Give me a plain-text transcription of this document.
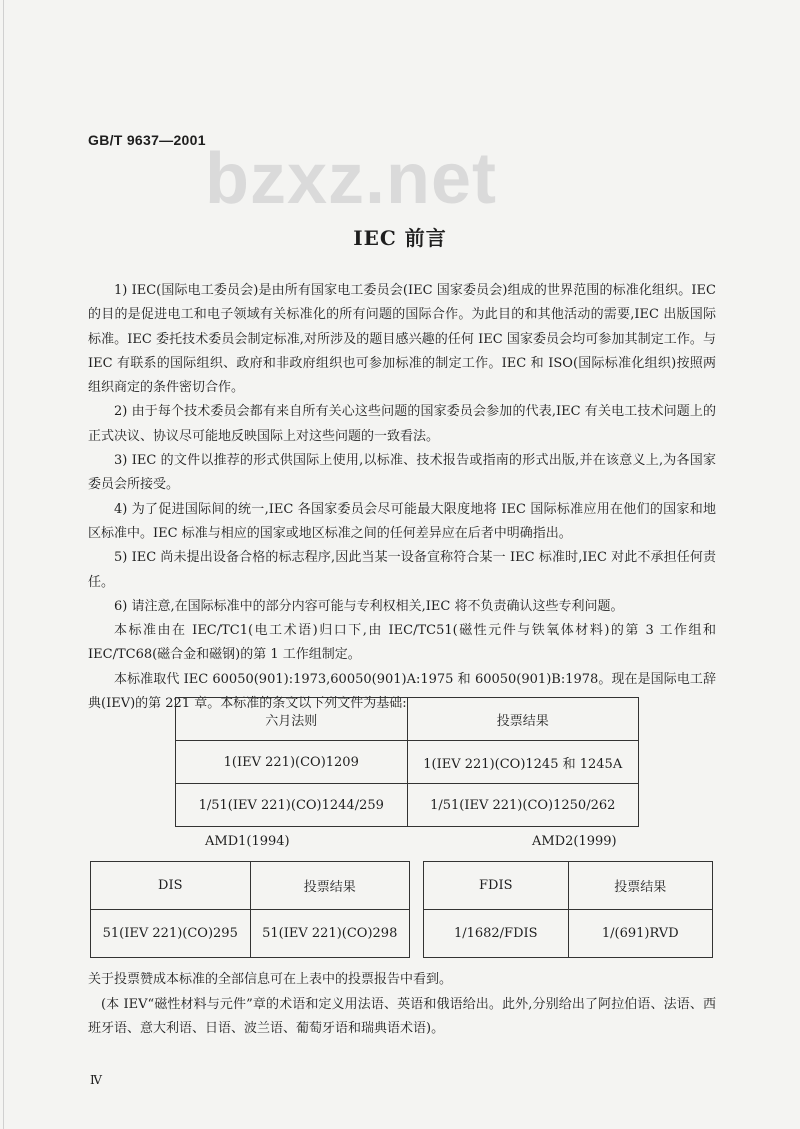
GB/T 9637—2001 bzxz.net
IEC 前言

1) IEC(国际电工委员会)是由所有国家电工委员会(IEC 国家委员会)组成的世界范围的标准化组织。IEC 的目的是促进电工和电子领域有关标准化的所有问题的国际合作。为此目的和其他活动的需要,IEC 出版国际标准。IEC 委托技术委员会制定标准,对所涉及的题目感兴趣的任何 IEC 国家委员会均可参加其制定工作。与 IEC 有联系的国际组织、政府和非政府组织也可参加标准的制定工作。IEC 和 ISO(国际标准化组织)按照两组织商定的条件密切合作。

2) 由于每个技术委员会都有来自所有关心这些问题的国家委员会参加的代表,IEC 有关电工技术问题上的正式决议、协议尽可能地反映国际上对这些问题的一致看法。

3) IEC 的文件以推荐的形式供国际上使用,以标准、技术报告或指南的形式出版,并在该意义上,为各国家委员会所接受。

4) 为了促进国际间的统一,IEC 各国家委员会尽可能最大限度地将 IEC 国际标准应用在他们的国家和地区标准中。IEC 标准与相应的国家或地区标准之间的任何差异应在后者中明确指出。

5) IEC 尚未提出设备合格的标志程序,因此当某一设备宣称符合某一 IEC 标准时,IEC 对此不承担任何责任。

6) 请注意,在国际标准中的部分内容可能与专利权相关,IEC 将不负责确认这些专利问题。

本标准由在 IEC/TC1(电工术语)归口下,由 IEC/TC51(磁性元件与铁氧体材料)的第 3 工作组和 IEC/TC68(磁合金和磁钢)的第 1 工作组制定。

本标准取代 IEC 60050(901):1973,60050(901)A:1975 和 60050(901)B:1978。现在是国际电工辞典(IEV)的第 221 章。本标准的条文以下列文件为基础:

六月法则	投票结果
1(IEV 221)(CO)1209	1(IEV 221)(CO)1245 和 1245A
1/51(IEV 221)(CO)1244/259	1/51(IEV 221)(CO)1250/262
AMD1(1994)	AMD2(1999)
DIS	投票结果
51(IEV 221)(CO)295	51(IEV 221)(CO)298
FDIS	投票结果
1/1682/FDIS	1/(691)RVD

关于投票赞成本标准的全部信息可在上表中的投票报告中看到。

(本 IEV“磁性材料与元件”章的术语和定义用法语、英语和俄语给出。此外,分别给出了阿拉伯语、法语、西班牙语、意大利语、日语、波兰语、葡萄牙语和瑞典语术语)。

Ⅳ
